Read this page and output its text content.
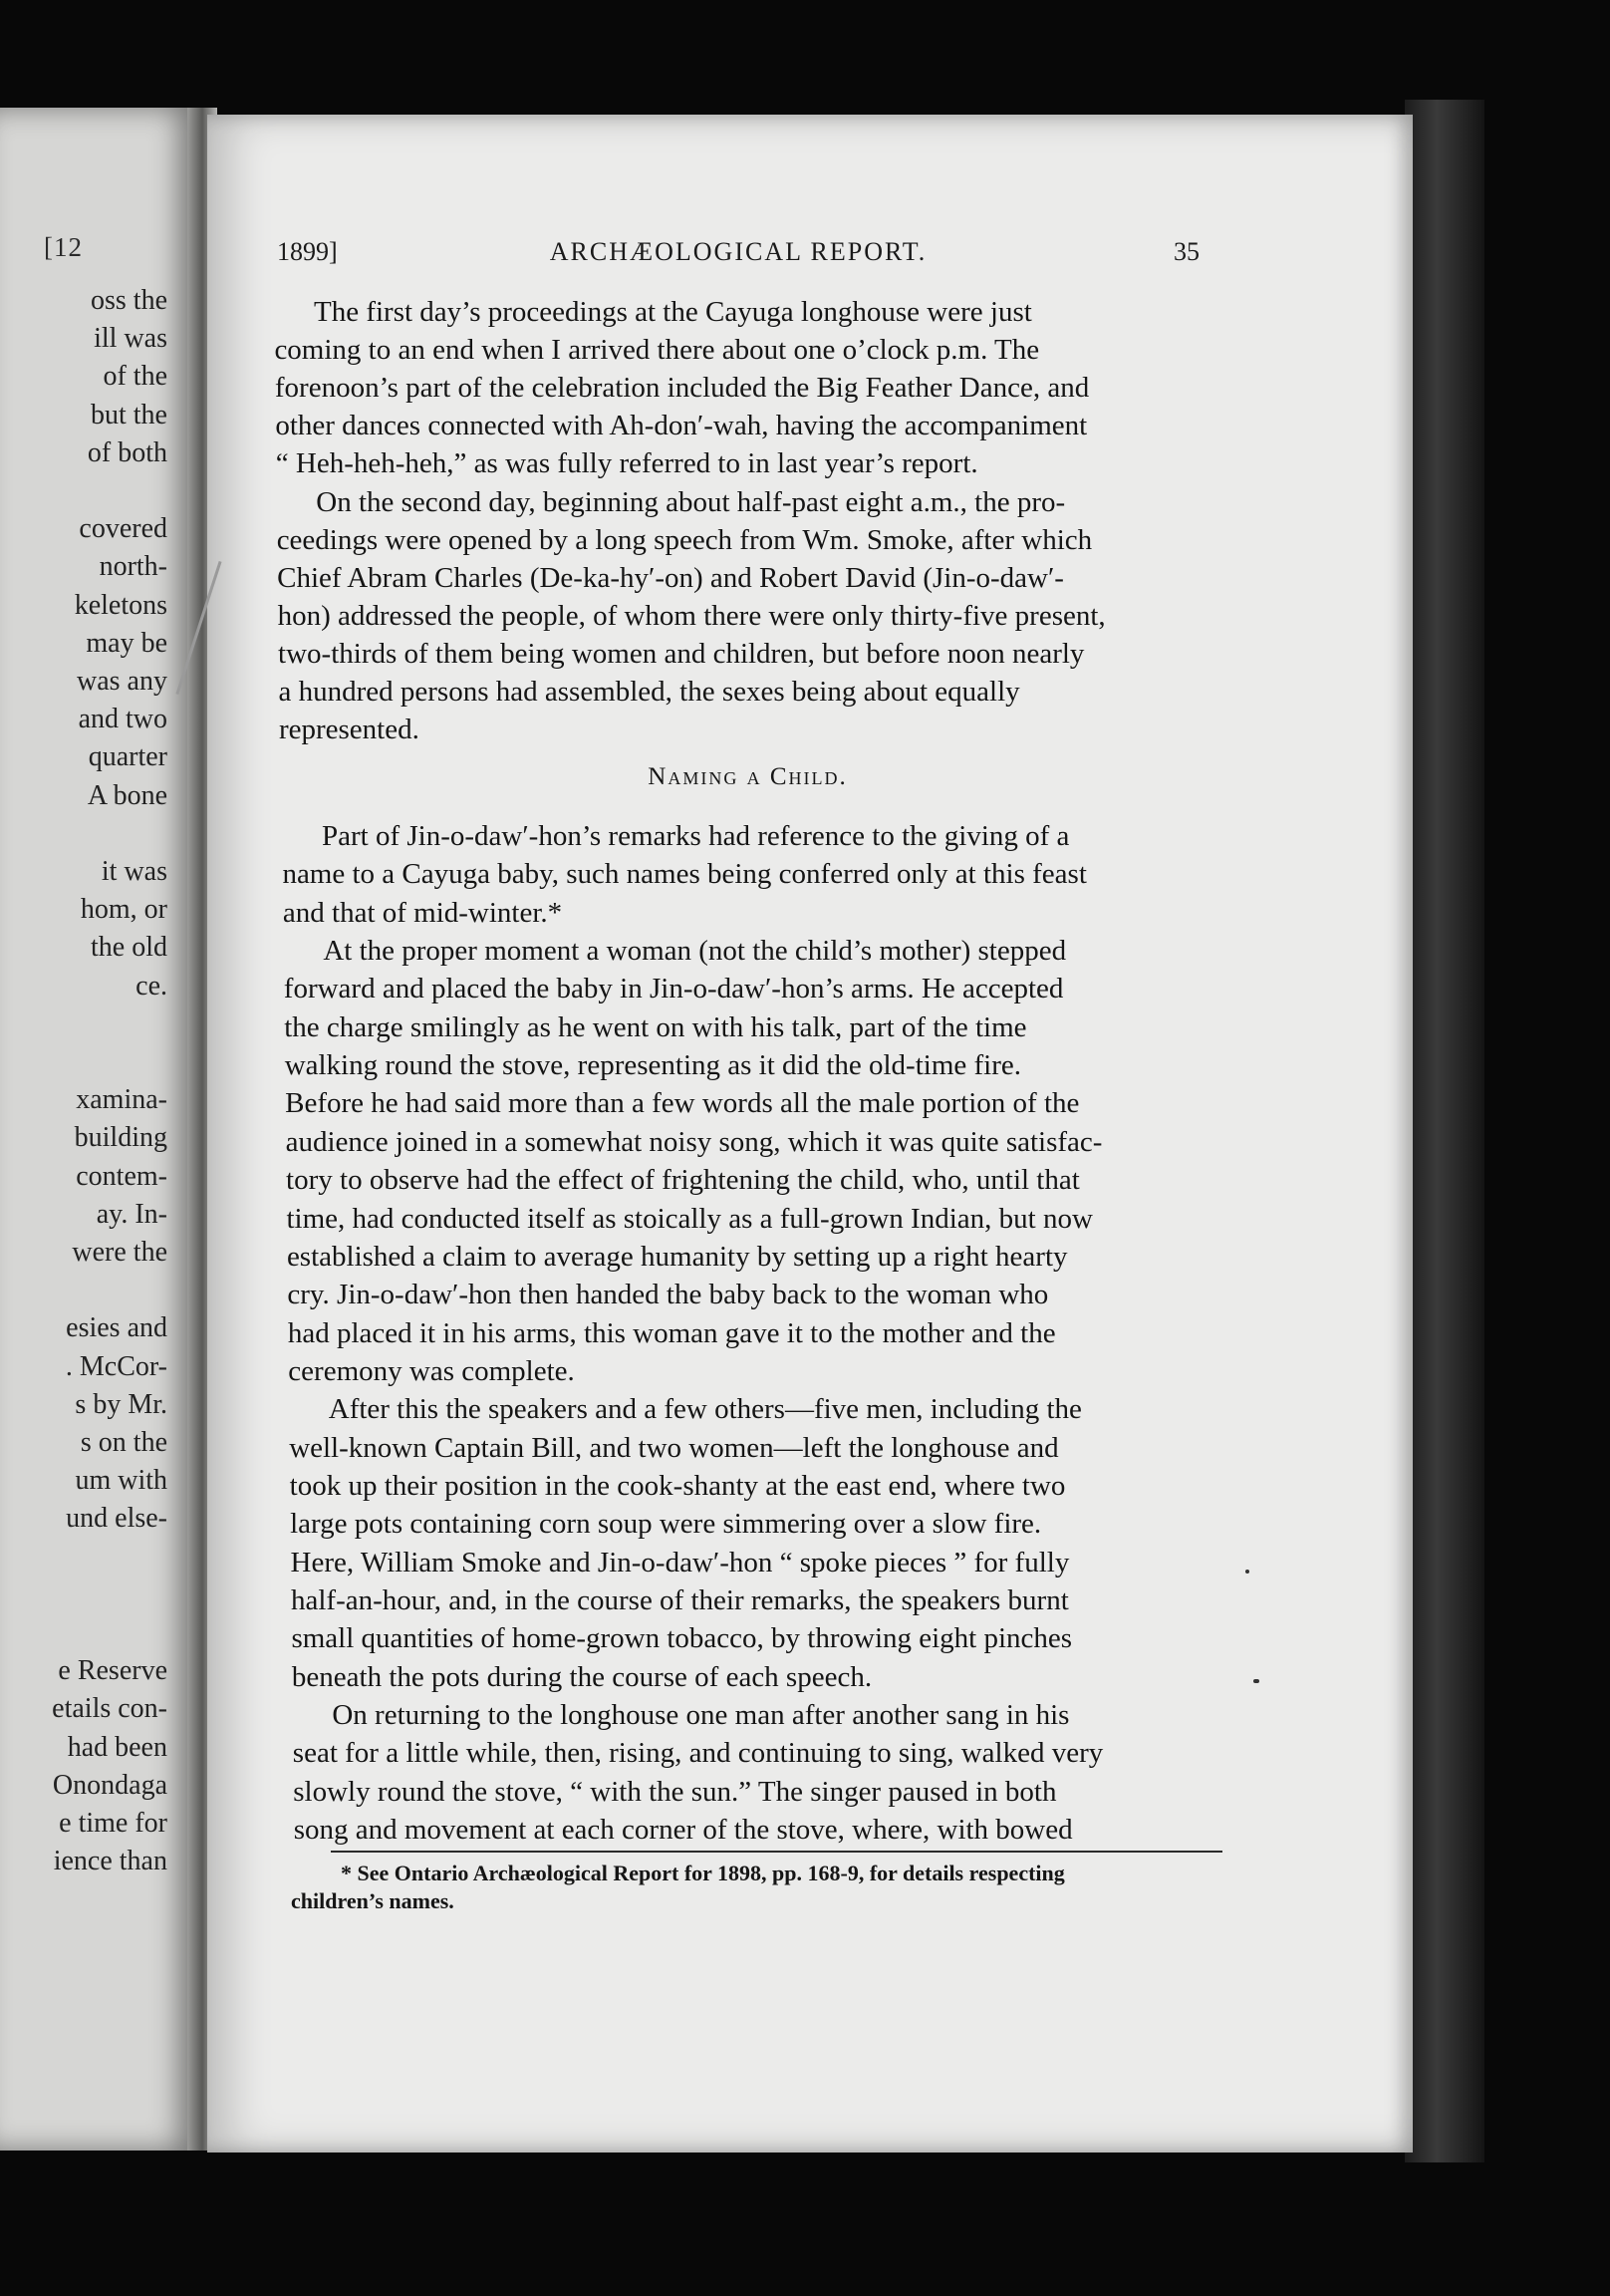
[12
oss the
ill was
of the
but the
of both
covered
north-
keletons
may be
was any
and two
quarter
A bone
it was
hom, or
the old
ce.
xamina-
building
contem-
ay. In-
were the
esies and
. McCor-
s by Mr.
s on the
um with
und else-
e Reserve
etails con-
had been
Onondaga
e time for
ience than
1899]	ARCHÆOLOGICAL REPORT.	35
The first day’s proceedings at the Cayuga longhouse were just
coming to an end when I arrived there about one o’clock p.m. The
forenoon’s part of the celebration included the Big Feather Dance, and
other dances connected with Ah-don′-wah, having the accompaniment
“ Heh-heh-heh,” as was fully referred to in last year’s report.
On the second day, beginning about half-past eight a.m., the pro-
ceedings were opened by a long speech from Wm. Smoke, after which
Chief Abram Charles (De-ka-hy′-on) and Robert David (Jin-o-daw′-
hon) addressed the people, of whom there were only thirty-five present,
two-thirds of them being women and children, but before noon nearly
a hundred persons had assembled, the sexes being about equally
represented.
Naming a Child.
Part of Jin-o-daw′-hon’s remarks had reference to the giving of a
name to a Cayuga baby, such names being conferred only at this feast
and that of mid-winter.*
At the proper moment a woman (not the child’s mother) stepped
forward and placed the baby in Jin-o-daw′-hon’s arms. He accepted
the charge smilingly as he went on with his talk, part of the time
walking round the stove, representing as it did the old-time fire.
Before he had said more than a few words all the male portion of the
audience joined in a somewhat noisy song, which it was quite satisfac-
tory to observe had the effect of frightening the child, who, until that
time, had conducted itself as stoically as a full-grown Indian, but now
established a claim to average humanity by setting up a right hearty
cry. Jin-o-daw′-hon then handed the baby back to the woman who
had placed it in his arms, this woman gave it to the mother and the
ceremony was complete.
After this the speakers and a few others—five men, including the
well-known Captain Bill, and two women—left the longhouse and
took up their position in the cook-shanty at the east end, where two
large pots containing corn soup were simmering over a slow fire.
Here, William Smoke and Jin-o-daw′-hon “ spoke pieces ” for fully
half-an-hour, and, in the course of their remarks, the speakers burnt
small quantities of home-grown tobacco, by throwing eight pinches
beneath the pots during the course of each speech.
On returning to the longhouse one man after another sang in his
seat for a little while, then, rising, and continuing to sing, walked very
slowly round the stove, “ with the sun.” The singer paused in both
song and movement at each corner of the stove, where, with bowed
* See Ontario Archæological Report for 1898, pp. 168-9, for details respecting
children’s names.
